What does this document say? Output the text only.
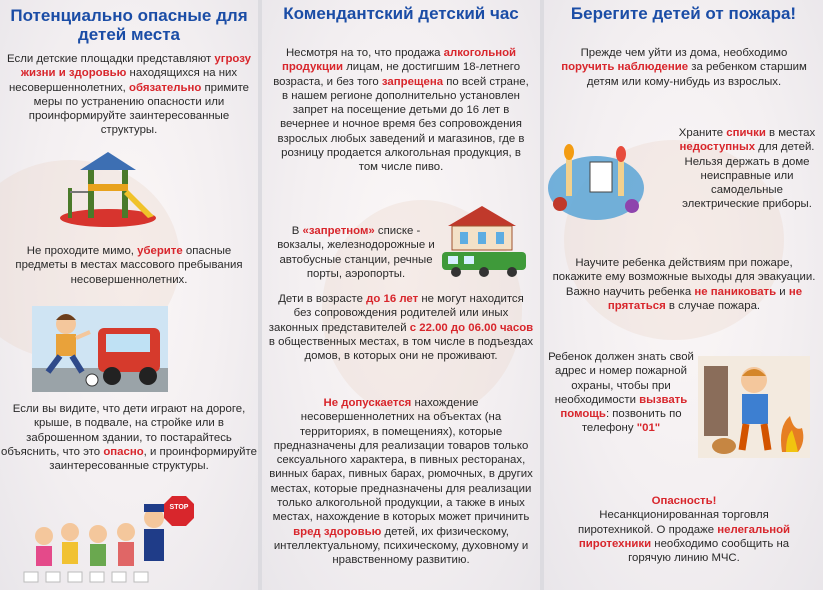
Потенциально опасные для детей места
Если детские площадки представляют угрозу жизни и здоровью находящихся на них несовершеннолетних, обязательно примите меры по устранению опасности или проинформируйте заинтересованные структуры.
Не проходите мимо, уберите опасные предметы в местах массового пребывания несовершеннолетних.
Если вы видите, что дети играют на дороге, крыше, в подвале, на стройке или в заброшенном здании, то постарайтесь объяснить, что это опасно, и проинформируйте заинтересованные структуры.
STOP
Комендантский детский час
Несмотря на то, что продажа алкогольной продукции лицам, не достигшим 18-летнего возраста, и без того запрещена по всей стране, в нашем регионе дополнительно установлен запрет на посещение детьми до 16 лет в вечернее и ночное время без сопровождения взрослых любых заведений и магазинов, где в розницу продается алкогольная продукция, в том числе пиво.
В «запретном» списке - вокзалы, железнодорожные и автобусные станции, речные порты, аэропорты.
Дети в возрасте до 16 лет не могут находится без сопровождения родителей или иных законных представителей с 22.00 до 06.00 часов в общественных местах, в том числе в подъездах домов, в которых они не проживают.
Не допускается нахождение несовершеннолетних на объектах (на территориях, в помещениях), которые предназначены для реализации товаров только сексуального характера, в пивных ресторанах, винных барах, пивных барах, рюмочных, в других местах, которые предназначены для реализации только алкогольной продукции, а также в иных местах, нахождение в которых может причинить вред здоровью детей, их физическому, интеллектуальному, психическому, духовному и нравственному развитию.
Берегите детей от пожара!
Прежде чем уйти из дома, необходимо поручить наблюдение за ребенком старшим детям или кому-нибудь из взрослых.
Храните спички в местах недоступных для детей. Нельзя держать в доме неисправные или самодельные электрические приборы.
Научите ребенка действиям при пожаре, покажите ему возможные выходы для эвакуации. Важно научить ребенка не паниковать и не прятаться в случае пожара.
Ребенок должен знать свой адрес и номер пожарной охраны, чтобы при необходимости вызвать помощь: позвонить по телефону "01"
Опасность!
Несанкционированная торговля пиротехникой. О продаже нелегальной пиротехники необходимо сообщить на горячую линию МЧС.
